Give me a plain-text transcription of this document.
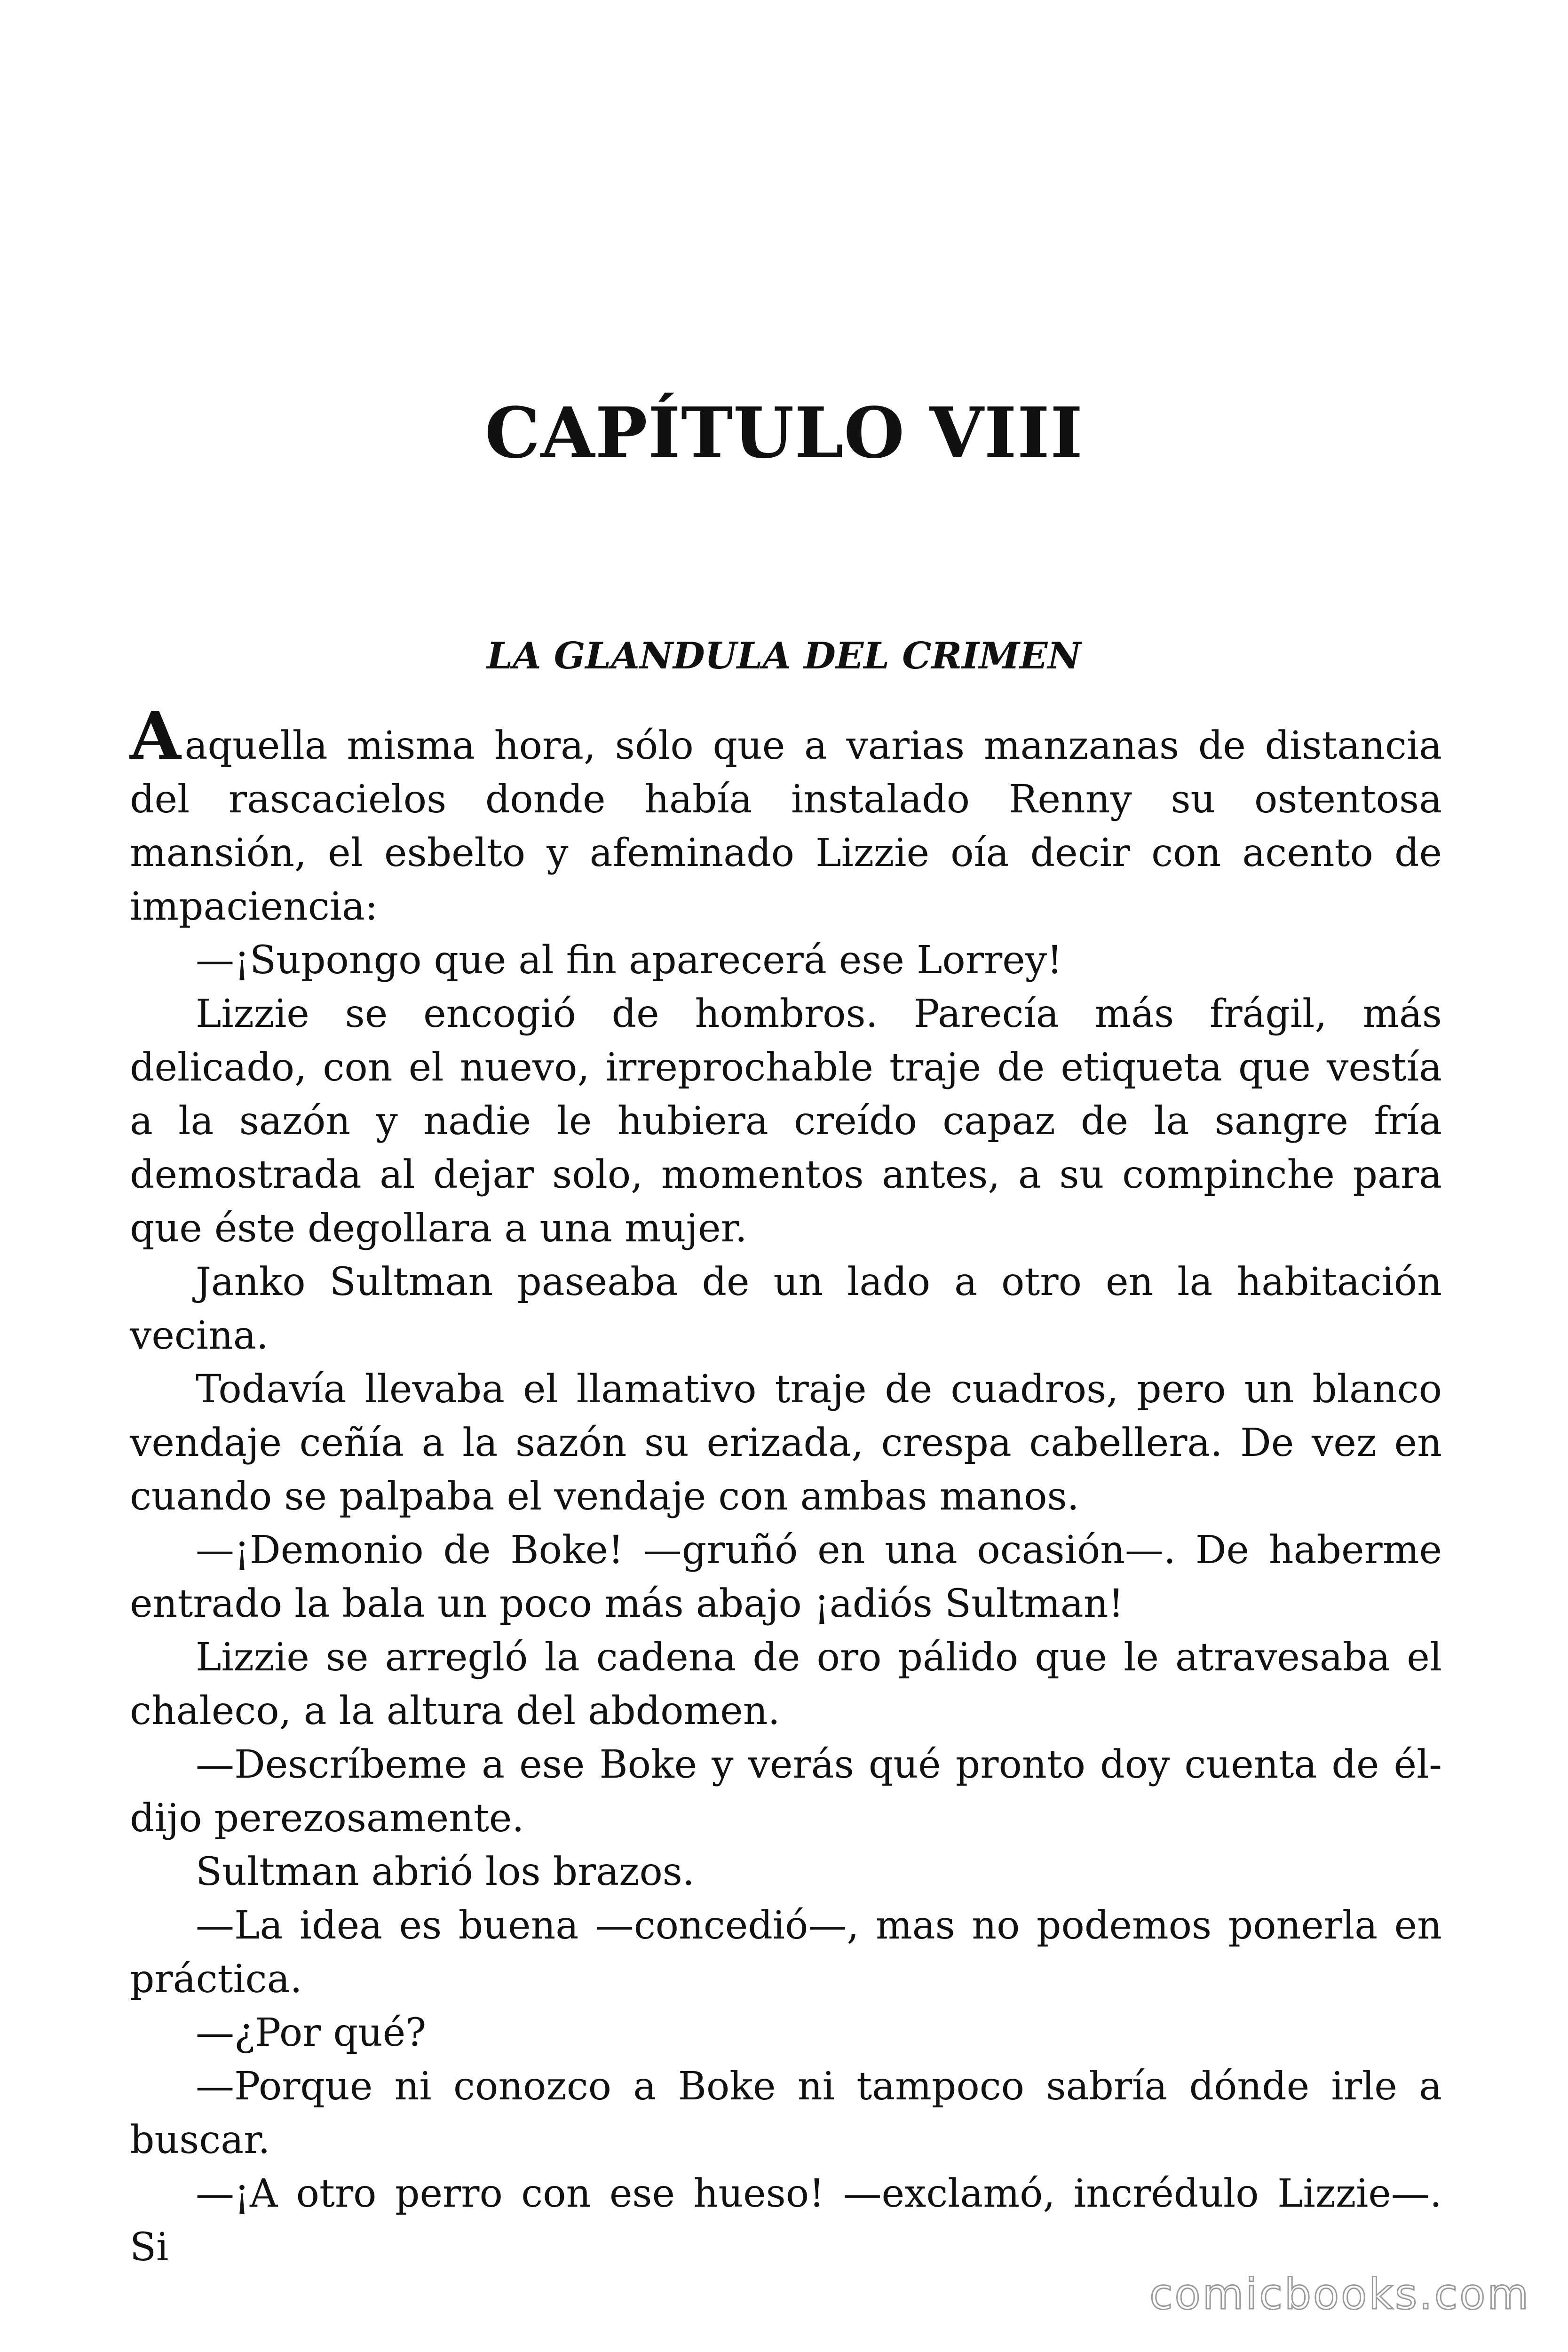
CAPÍTULO VIII
LA GLANDULA DEL CRIMEN

Aaquella misma hora, sólo que a varias manzanas de distancia del rascacielos donde había instalado Renny su ostentosa mansión, el esbelto y afeminado Lizzie oía decir con acento de impaciencia:

—¡Supongo que al fin aparecerá ese Lorrey!

Lizzie se encogió de hombros. Parecía más frágil, más delicado, con el nuevo, irreprochable traje de etiqueta que vestía a la sazón y nadie le hubiera creído capaz de la sangre fría demostrada al dejar solo, momentos antes, a su compinche para que éste degollara a una mujer.

Janko Sultman paseaba de un lado a otro en la habitación vecina.

Todavía llevaba el llamativo traje de cuadros, pero un blanco vendaje ceñía a la sazón su erizada, crespa cabellera. De vez en cuando se palpaba el vendaje con ambas manos.

—¡Demonio de Boke! —gruñó en una ocasión—. De haberme entrado la bala un poco más abajo ¡adiós Sultman!

Lizzie se arregló la cadena de oro pálido que le atravesaba el chaleco, a la altura del abdomen.

—Descríbeme a ese Boke y verás qué pronto doy cuenta de él- dijo perezosamente.

Sultman abrió los brazos.

—La idea es buena —concedió—, mas no podemos ponerla en práctica.

—¿Por qué?

—Porque ni conozco a Boke ni tampoco sabría dónde irle a buscar.

—¡A otro perro con ese hueso! —exclamó, incrédulo Lizzie—. Si

comicbooks.com
